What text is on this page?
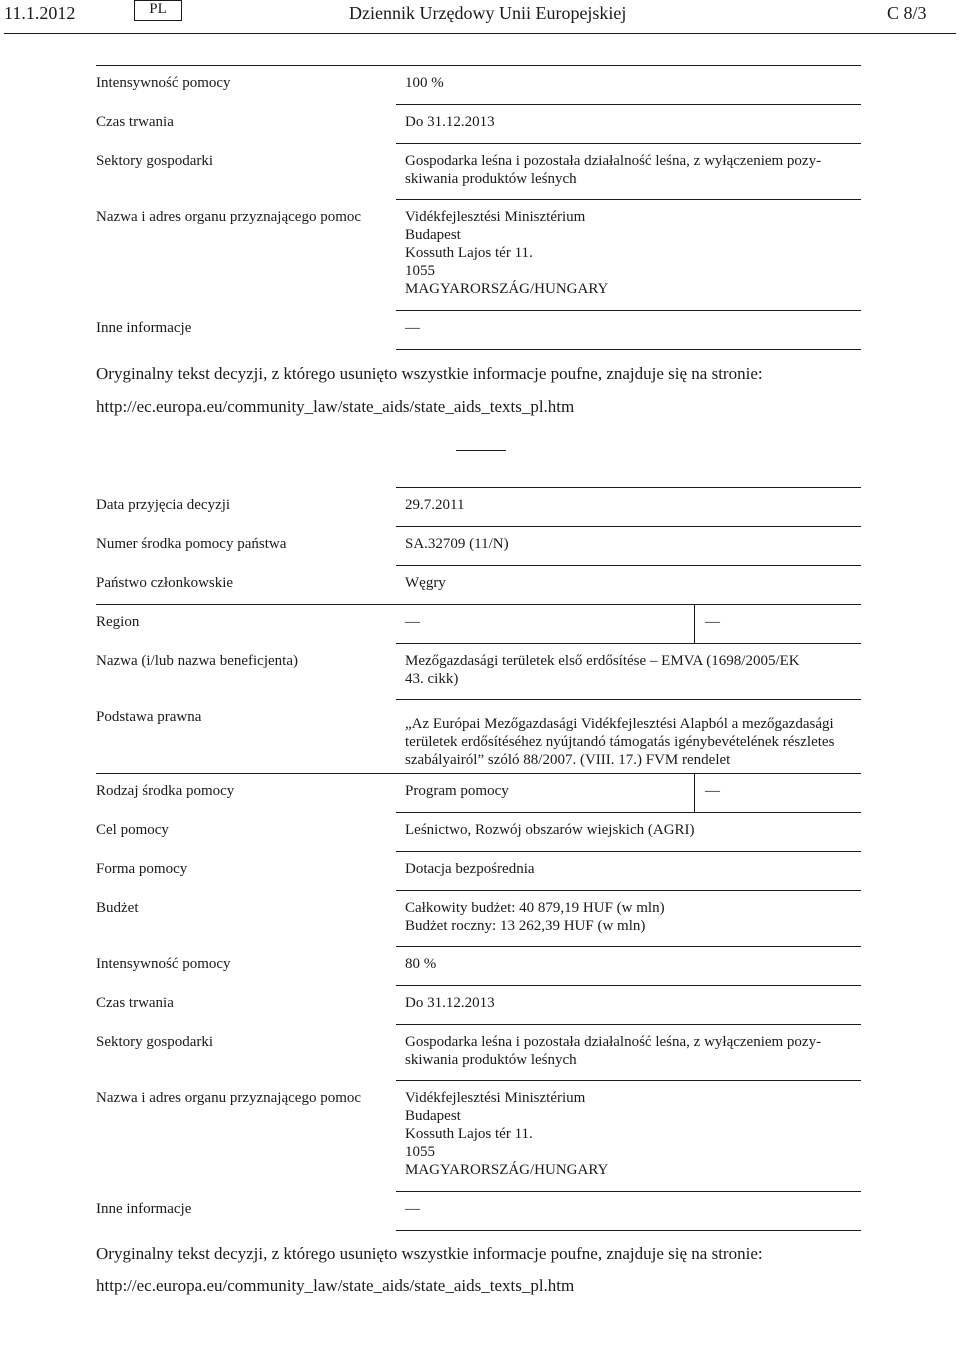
11.1.2012	PL	Dziennik Urzędowy Unii Europejskiej	C 8/3
Intensywność pomocy	100 %
Czas trwania	Do 31.12.2013
Sektory gospodarki	Gospodarka leśna i pozostała działalność leśna, z wyłączeniem pozy-
skiwania produktów leśnych
Nazwa i adres organu przyznającego pomoc	Vidékfejlesztési Minisztérium
Budapest
Kossuth Lajos tér 11.
1055
MAGYARORSZÁG/HUNGARY
Inne informacje	—
Oryginalny tekst decyzji, z którego usunięto wszystkie informacje poufne, znajduje się na stronie:
http://ec.europa.eu/community_law/state_aids/state_aids_texts_pl.htm
Data przyjęcia decyzji	29.7.2011
Numer środka pomocy państwa	SA.32709 (11/N)
Państwo członkowskie	Węgry
Region	—	—
Nazwa (i/lub nazwa beneficjenta)	Mezőgazdasági területek első erdősítése – EMVA (1698/2005/EK
43. cikk)
Podstawa prawna	„Az Európai Mezőgazdasági Vidékfejlesztési Alapból a mezőgazdasági
területek erdősítéséhez nyújtandó támogatás igénybevételének részletes
szabályairól” szóló 88/2007. (VIII. 17.) FVM rendelet
Rodzaj środka pomocy	Program pomocy	—
Cel pomocy	Leśnictwo, Rozwój obszarów wiejskich (AGRI)
Forma pomocy	Dotacja bezpośrednia
Budżet	Całkowity budżet: 40 879,19 HUF (w mln)
Budżet roczny: 13 262,39 HUF (w mln)
Intensywność pomocy	80 %
Czas trwania	Do 31.12.2013
Sektory gospodarki	Gospodarka leśna i pozostała działalność leśna, z wyłączeniem pozy-
skiwania produktów leśnych
Nazwa i adres organu przyznającego pomoc	Vidékfejlesztési Minisztérium
Budapest
Kossuth Lajos tér 11.
1055
MAGYARORSZÁG/HUNGARY
Inne informacje	—
Oryginalny tekst decyzji, z którego usunięto wszystkie informacje poufne, znajduje się na stronie:
http://ec.europa.eu/community_law/state_aids/state_aids_texts_pl.htm
